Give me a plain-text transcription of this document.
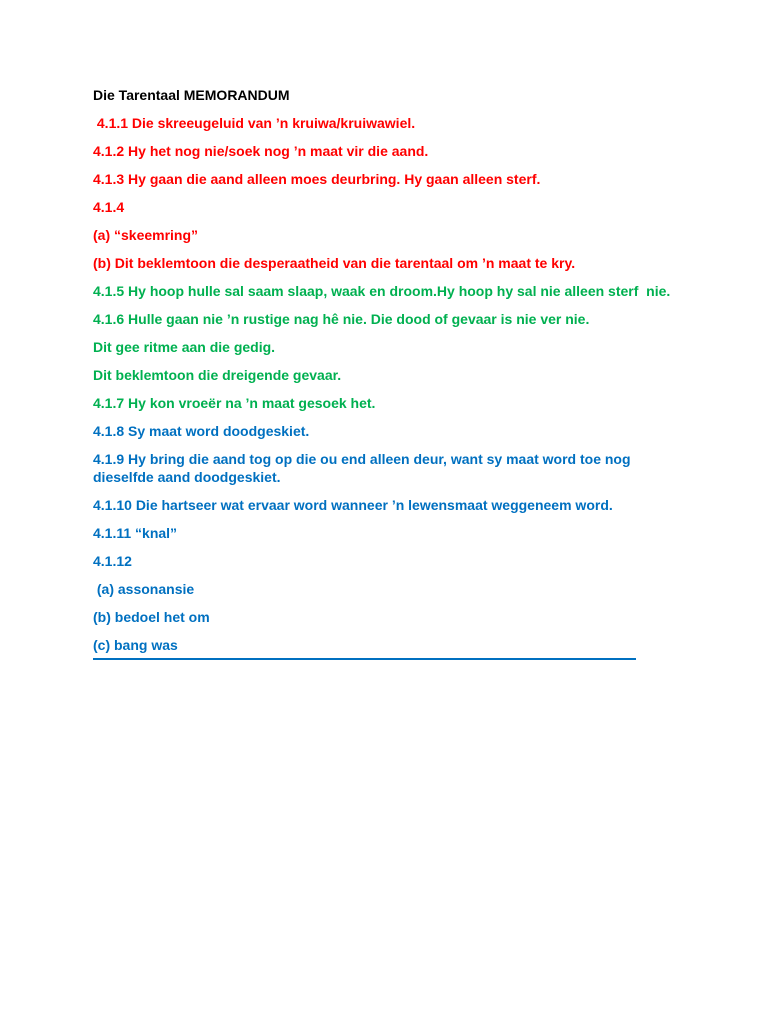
Die Tarentaal MEMORANDUM
4.1.1 Die skreeugeluid van ’n kruiwa/kruiwawiel.
4.1.2 Hy het nog nie/soek nog ’n maat vir die aand.
4.1.3 Hy gaan die aand alleen moes deurbring. Hy gaan alleen sterf.
4.1.4
(a) “skeemring”
(b) Dit beklemtoon die desperaatheid van die tarentaal om ’n maat te kry.
4.1.5 Hy hoop hulle sal saam slaap, waak en droom.Hy hoop hy sal nie alleen sterf  nie.
4.1.6 Hulle gaan nie ’n rustige nag hê nie. Die dood of gevaar is nie ver nie.
Dit gee ritme aan die gedig.
Dit beklemtoon die dreigende gevaar.
4.1.7 Hy kon vroeër na ’n maat gesoek het.
4.1.8 Sy maat word doodgeskiet.
4.1.9 Hy bring die aand tog op die ou end alleen deur, want sy maat word toe nog dieselfde aand doodgeskiet.
4.1.10 Die hartseer wat ervaar word wanneer ’n lewensmaat weggeneem word.
4.1.11 “knal”
4.1.12
(a) assonansie
(b) bedoel het om
(c) bang was
